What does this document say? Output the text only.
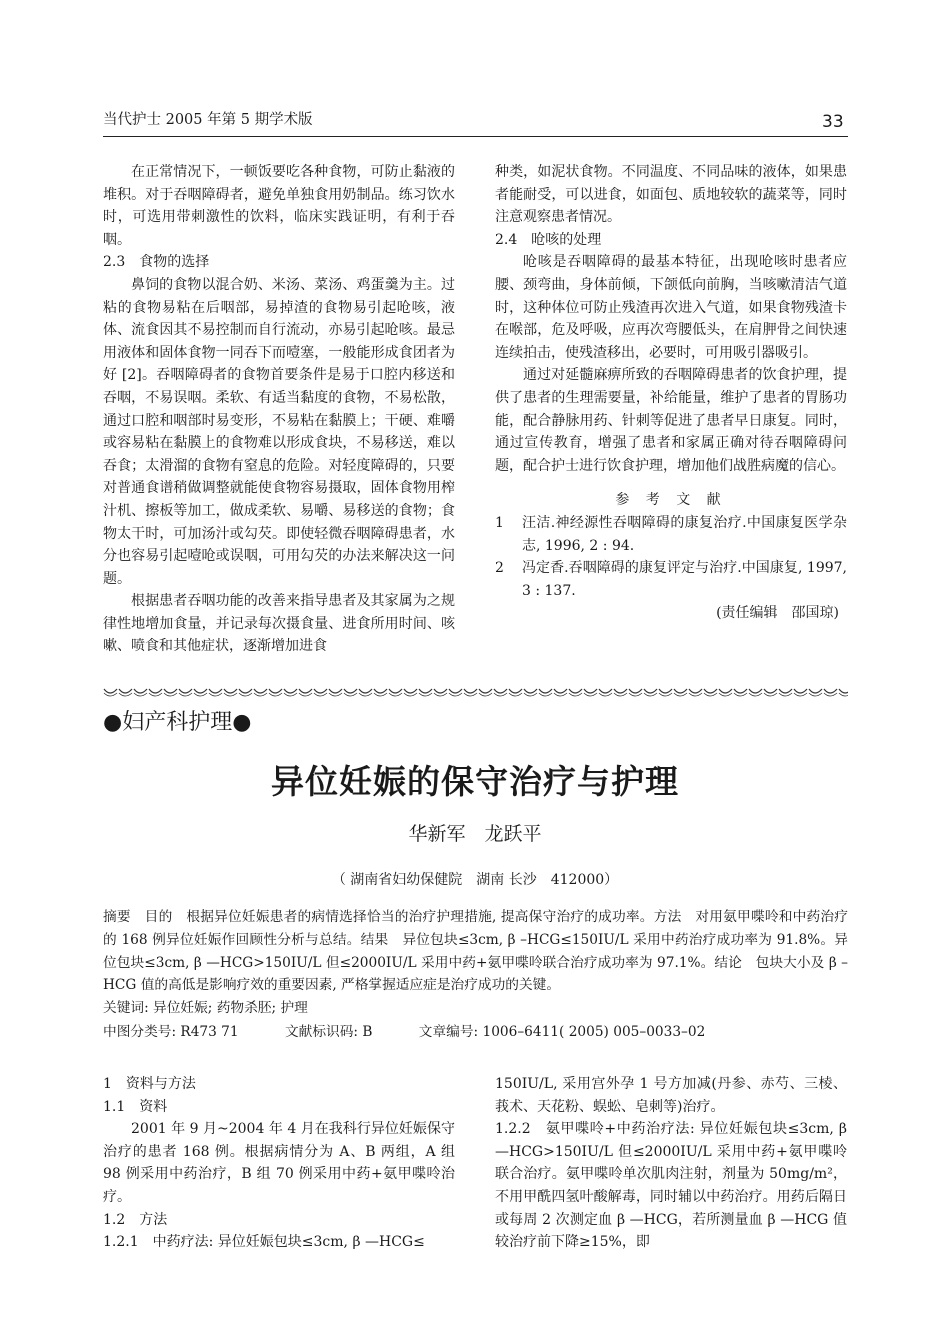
当代护士 2005 年第 5 期学术版	33

在正常情况下，一顿饭要吃各种食物，可防止黏液的堆积。对于吞咽障碍者，避免单独食用奶制品。练习饮水时，可选用带刺激性的饮料，临床实践证明，有利于吞咽。

2.3　食物的选择

鼻饲的食物以混合奶、米汤、菜汤、鸡蛋羹为主。过粘的食物易粘在后咽部，易掉渣的食物易引起呛咳，液体、流食因其不易控制而自行流动，亦易引起呛咳。最忌用液体和固体食物一同吞下而噎塞，一般能形成食团者为好 [2]。吞咽障碍者的食物首要条件是易于口腔内移送和吞咽，不易误咽。柔软、有适当黏度的食物，不易松散，通过口腔和咽部时易变形，不易粘在黏膜上；干硬、难嚼或容易粘在黏膜上的食物难以形成食块，不易移送，难以吞食；太滑溜的食物有窒息的危险。对轻度障碍的，只要对普通食谱稍做调整就能使食物容易摄取，固体食物用榨汁机、擦板等加工，做成柔软、易嚼、易移送的食物；食物太干时，可加汤汁或勾芡。即使轻微吞咽障碍患者，水分也容易引起噎呛或误咽，可用勾芡的办法来解决这一问题。

根据患者吞咽功能的改善来指导患者及其家属为之规律性地增加食量，并记录每次摄食量、进食所用时间、咳嗽、喷食和其他症状，逐渐增加进食

种类，如泥状食物。不同温度、不同品味的液体，如果患者能耐受，可以进食，如面包、质地较软的蔬菜等，同时注意观察患者情况。

2.4　呛咳的处理

呛咳是吞咽障碍的最基本特征，出现呛咳时患者应腰、颈弯曲，身体前倾，下颌低向前胸，当咳嗽清洁气道时，这种体位可防止残渣再次进入气道，如果食物残渣卡在喉部，危及呼吸，应再次弯腰低头，在肩胛骨之间快速连续拍击，使残渣移出，必要时，可用吸引器吸引。

通过对延髓麻痹所致的吞咽障碍患者的饮食护理，提供了患者的生理需要量，补给能量，维护了患者的胃肠功能，配合静脉用药、针刺等促进了患者早日康复。同时，通过宣传教育，增强了患者和家属正确对待吞咽障碍问题，配合护士进行饮食护理，增加他们战胜病魔的信心。

参 考 文 献

1	汪洁.神经源性吞咽障碍的康复治疗.中国康复医学杂志, 1996, 2 : 94.
2	冯定香.吞咽障碍的康复评定与治疗.中国康复, 1997, 3 : 137.

(责任编辑　邵国琼)

●妇产科护理●
异位妊娠的保守治疗与护理
华新军　龙跃平
（ 湖南省妇幼保健院　湖南 长沙　412000）

摘要　目的　根据异位妊娠患者的病情选择恰当的治疗护理措施, 提高保守治疗的成功率。方法　对用氨甲喋呤和中药治疗的 168 例异位妊娠作回顾性分析与总结。结果　异位包块≤3cm, β –HCG≤150IU/L 采用中药治疗成功率为 91.8%。异位包块≤3cm, β —HCG>150IU/L 但≤2000IU/L 采用中药+氨甲喋呤联合治疗成功率为 97.1%。结论　包块大小及 β –HCG 值的高低是影响疗效的重要因素, 严格掌握适应症是治疗成功的关键。

关键词: 异位妊娠; 药物杀胚; 护理

中图分类号: R473 71	文献标识码: B	文章编号: 1006–6411( 2005) 005–0033–02

1　资料与方法

1.1　资料

2001 年 9 月~2004 年 4 月在我科行异位妊娠保守治疗的患者 168 例。根据病情分为 A、B 两组，A 组 98 例采用中药治疗，B 组 70 例采用中药+氨甲喋呤治疗。

1.2　方法

1.2.1　中药疗法: 异位妊娠包块≤3cm, β —HCG≤

150IU/L, 采用宫外孕 1 号方加减(丹参、赤芍、三棱、莪术、天花粉、蜈蚣、皂刺等)治疗。

1.2.2　氨甲喋呤+中药治疗法: 异位妊娠包块≤3cm, β —HCG>150IU/L 但≤2000IU/L 采用中药+氨甲喋呤联合治疗。氨甲喋呤单次肌肉注射，剂量为 50mg/m²，不用甲酰四氢叶酸解毒，同时辅以中药治疗。用药后隔日或每周 2 次测定血 β —HCG，若所测量血 β —HCG 值较治疗前下降≥15%，即
